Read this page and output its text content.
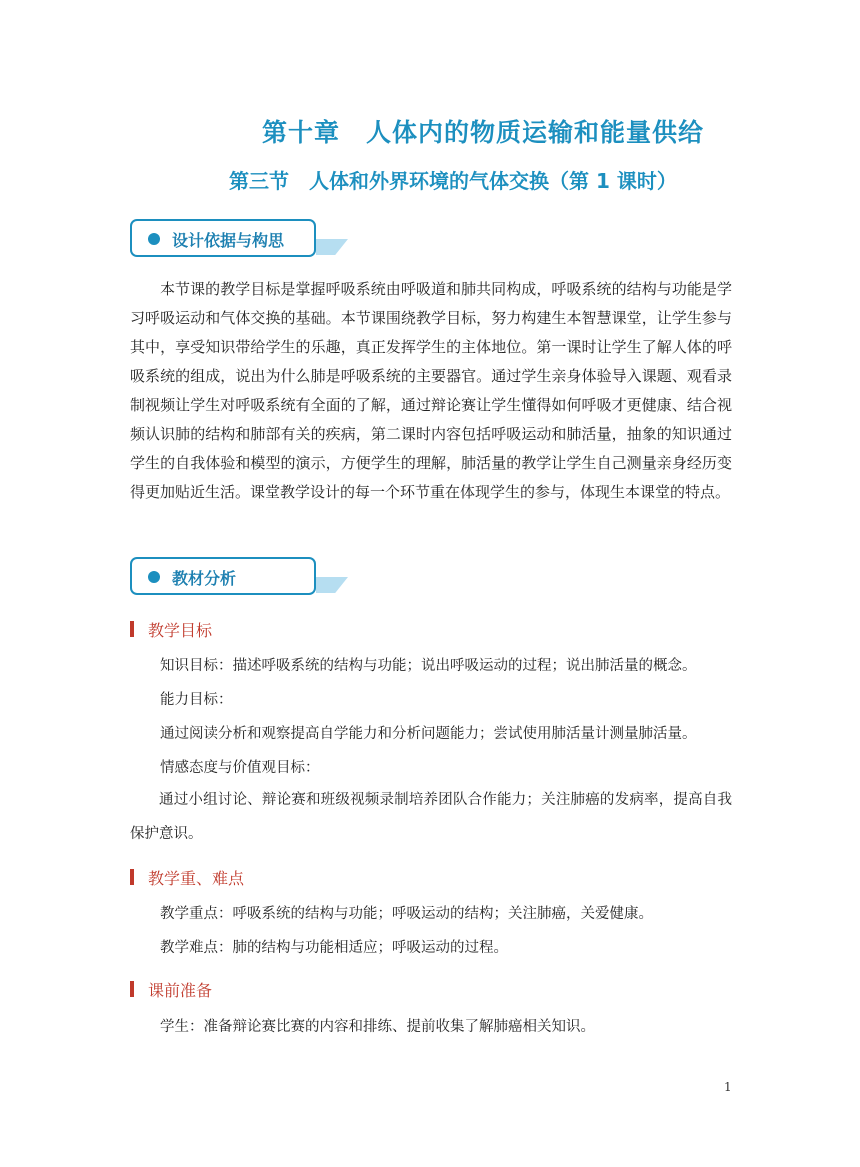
第十章　人体内的物质运输和能量供给
第三节　人体和外界环境的气体交换（第 1 课时）
设计依据与构思
本节课的教学目标是掌握呼吸系统由呼吸道和肺共同构成，呼吸系统的结构与功能是学习呼吸运动和气体交换的基础。本节课围绕教学目标，努力构建生本智慧课堂，让学生参与其中，享受知识带给学生的乐趣，真正发挥学生的主体地位。第一课时让学生了解人体的呼吸系统的组成，说出为什么肺是呼吸系统的主要器官。通过学生亲身体验导入课题、观看录制视频让学生对呼吸系统有全面的了解，通过辩论赛让学生懂得如何呼吸才更健康、结合视频认识肺的结构和肺部有关的疾病，第二课时内容包括呼吸运动和肺活量，抽象的知识通过学生的自我体验和模型的演示，方便学生的理解，肺活量的教学让学生自己测量亲身经历变得更加贴近生活。课堂教学设计的每一个环节重在体现学生的参与，体现生本课堂的特点。
教材分析
教学目标
知识目标：描述呼吸系统的结构与功能；说出呼吸运动的过程；说出肺活量的概念。
能力目标：
通过阅读分析和观察提高自学能力和分析问题能力；尝试使用肺活量计测量肺活量。
情感态度与价值观目标：
通过小组讨论、辩论赛和班级视频录制培养团队合作能力；关注肺癌的发病率，提高自我保护意识。
教学重、难点
教学重点：呼吸系统的结构与功能；呼吸运动的结构；关注肺癌，关爱健康。
教学难点：肺的结构与功能相适应；呼吸运动的过程。
课前准备
学生：准备辩论赛比赛的内容和排练、提前收集了解肺癌相关知识。
1
